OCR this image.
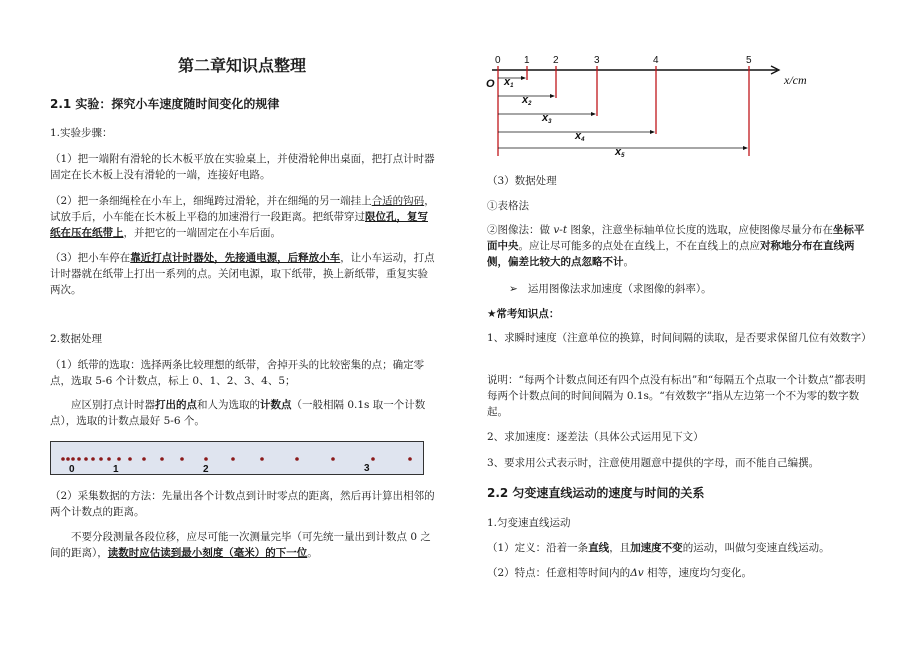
第二章知识点整理
2.1 实验：探究小车速度随时间变化的规律
1.实验步骤：

（1）把一端附有滑轮的长木板平放在实验桌上，并使滑轮伸出桌面，把打点计时器固定在长木板上没有滑轮的一端，连接好电路。

（2）把一条细绳栓在小车上，细绳跨过滑轮，并在细绳的另一端挂上合适的钩码，试放手后，小车能在长木板上平稳的加速滑行一段距离。把纸带穿过限位孔，复写纸在压在纸带上，并把它的一端固定在小车后面。

（3）把小车停在靠近打点计时器处，先接通电源，后释放小车，让小车运动，打点计时器就在纸带上打出一系列的点。关闭电源，取下纸带，换上新纸带，重复实验两次。

2.数据处理

（1）纸带的选取：选择两条比较理想的纸带，舍掉开头的比较密集的点；确定零点，选取 5-6 个计数点，标上 0、1、2、3、4、5；

应区别打点计时器打出的点和人为选取的计数点（一般相隔 0.1s 取一个计数点），选取的计数点最好 5-6 个。

0	1	2	3

（2）采集数据的方法：先量出各个计数点到计时零点的距离，然后再计算出相邻的两个计数点的距离。

不要分段测量各段位移，应尽可能一次测量完毕（可先统一量出到计数点 0 之间的距离），读数时应估读到最小刻度（毫米）的下一位。

x/cm
O
0 1 2	3	4	5
x1
x2
x3
x4
x5
（3）数据处理
①表格法

②图像法：做 v-t 图象，注意坐标轴单位长度的选取，应使图像尽量分布在坐标平面中央。应让尽可能多的点处在直线上，不在直线上的点应对称地分布在直线两侧，偏差比较大的点忽略不计。

➢ 运用图像法求加速度（求图像的斜率）。
★常考知识点：

1、求瞬时速度（注意单位的换算，时间间隔的读取，是否要求保留几位有效数字）

说明：“每两个计数点间还有四个点没有标出”和“每隔五个点取一个计数点”都表明每两个计数点间的时间间隔为 0.1s。“有效数字”指从左边第一个不为零的数字数起。

2、求加速度：逐差法（具体公式运用见下文）

3、要求用公式表示时，注意使用题意中提供的字母，而不能自己编撰。

2.2 匀变速直线运动的速度与时间的关系
1.匀变速直线运动

（1）定义：沿着一条直线，且加速度不变的运动，叫做匀变速直线运动。

（2）特点：任意相等时间内的Δv 相等，速度均匀变化。
